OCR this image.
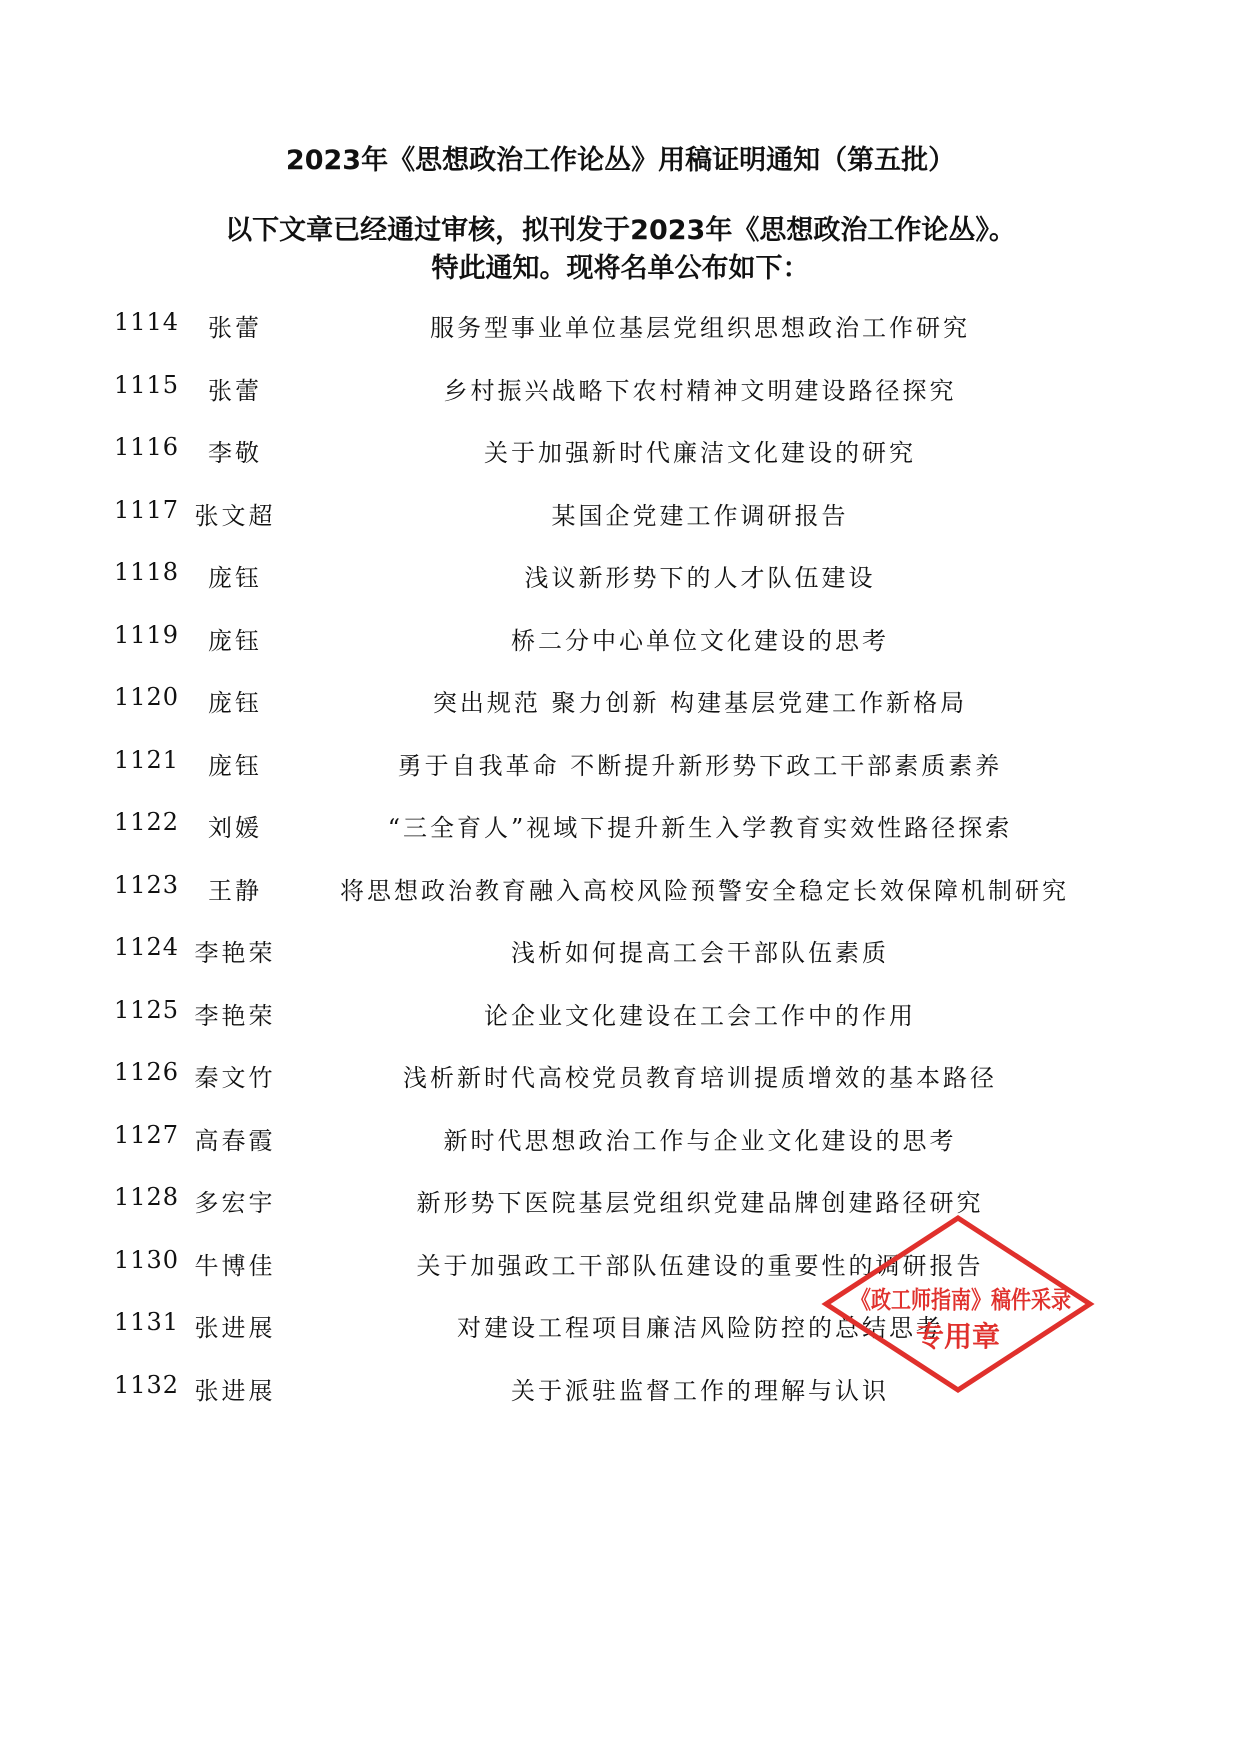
2023年《思想政治工作论丛》用稿证明通知（第五批）
以下文章已经通过审核，拟刊发于2023年《思想政治工作论丛》。
特此通知。现将名单公布如下：
1114	张蕾	服务型事业单位基层党组织思想政治工作研究
1115	张蕾	乡村振兴战略下农村精神文明建设路径探究
1116	李敬	关于加强新时代廉洁文化建设的研究
1117 张文超	某国企党建工作调研报告
1118	庞钰	浅议新形势下的人才队伍建设
1119	庞钰	桥二分中心单位文化建设的思考
1120	庞钰	突出规范 聚力创新 构建基层党建工作新格局
1121	庞钰	勇于自我革命 不断提升新形势下政工干部素质素养
1122	刘媛	“三全育人”视域下提升新生入学教育实效性路径探索
1123	王静	将思想政治教育融入高校风险预警安全稳定长效保障机制研究
1124 李艳荣	浅析如何提高工会干部队伍素质
1125 李艳荣	论企业文化建设在工会工作中的作用
1126 秦文竹	浅析新时代高校党员教育培训提质增效的基本路径
1127 高春霞	新时代思想政治工作与企业文化建设的思考
1128 多宏宇	新形势下医院基层党组织党建品牌创建路径研究
1130 牛博佳	关于加强政工干部队伍建设的重要性的调研报告
1131 张进展	对建设工程项目廉洁风险防控的总结思考
1132 张进展	关于派驻监督工作的理解与认识
《政工师指南》稿件采录
专用章
